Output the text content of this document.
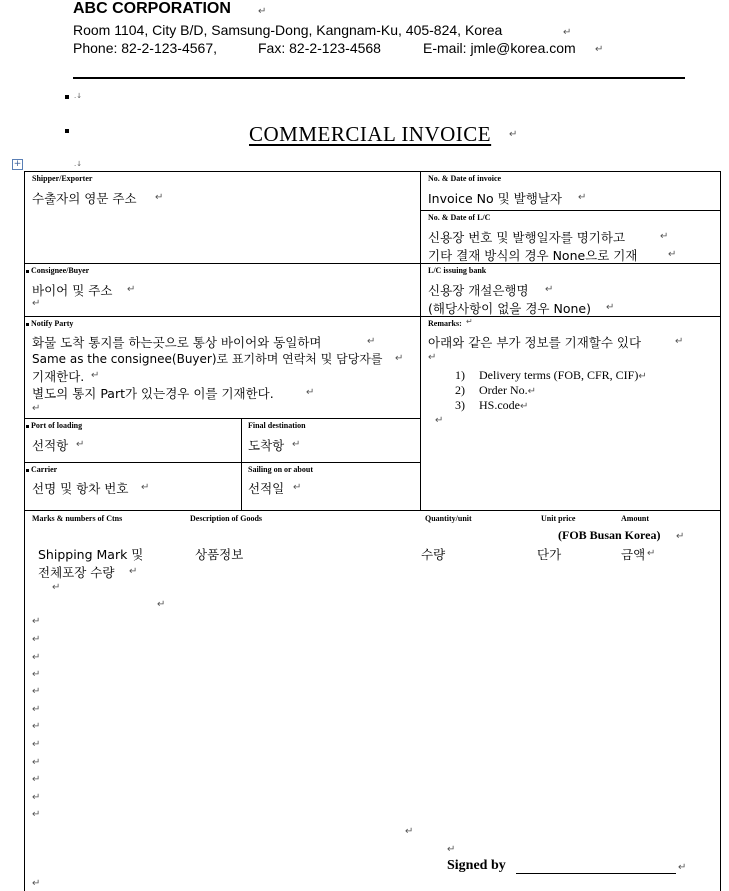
ABC CORPORATION	↵
Room 1104, City B/D, Samsung-Dong, Kangnam-Ku, 405-824, Korea	↵
Phone: 82-2-123-4567,	Fax: 82-2-123-4568	E-mail: jmle@korea.com ↵
.↓
COMMERCIAL INVOICE ↵
+	.↓
Shipper/Exporter
수출자의 영문 주소 ↵
No. & Date of invoice
Invoice No 및 발행날자 ↵
No. & Date of L/C
신용장 번호 및 발행일자를 명기하고	↵
기타 결재 방식의 경우 None으로 기재	↵
Consignee/Buyer
바이어 및 주소 ↵
↵
L/C issuing bank
신용장 개설은행명 ↵
(해당사항이 없을 경우 None) ↵
Notify Party
화물 도착 통지를 하는곳으로 통상 바이어와 동일하며	↵
Same as the consignee(Buyer)로 표기하며 연락처 및 담당자를 ↵
기재한다. ↵
별도의 통지 Part가 있는경우 이를 기재한다.	↵
↵
Remarks: ↵
아래와 같은 부가 정보를 기재할수 있다	↵
↵
1) Delivery terms (FOB, CFR, CIF)↵
2) Order No.↵
3) HS.code↵
↵
Port of loading
선적항 ↵
Final destination
도착항 ↵
Carrier
선명 및 항차 번호 ↵
Sailing on or about
선적일 ↵
Marks & numbers of Ctns	Description of Goods	Quantity/unit	Unit price	Amount
(FOB Busan Korea) ↵
Shipping Mark 및
전체포장 수량 ↵
상품정보	수량	단가	금액 ↵
↵
↵
↵
↵
↵
↵
↵
↵
↵
↵
↵
↵
↵
↵
↵
↵
Signed by	↵
↵
